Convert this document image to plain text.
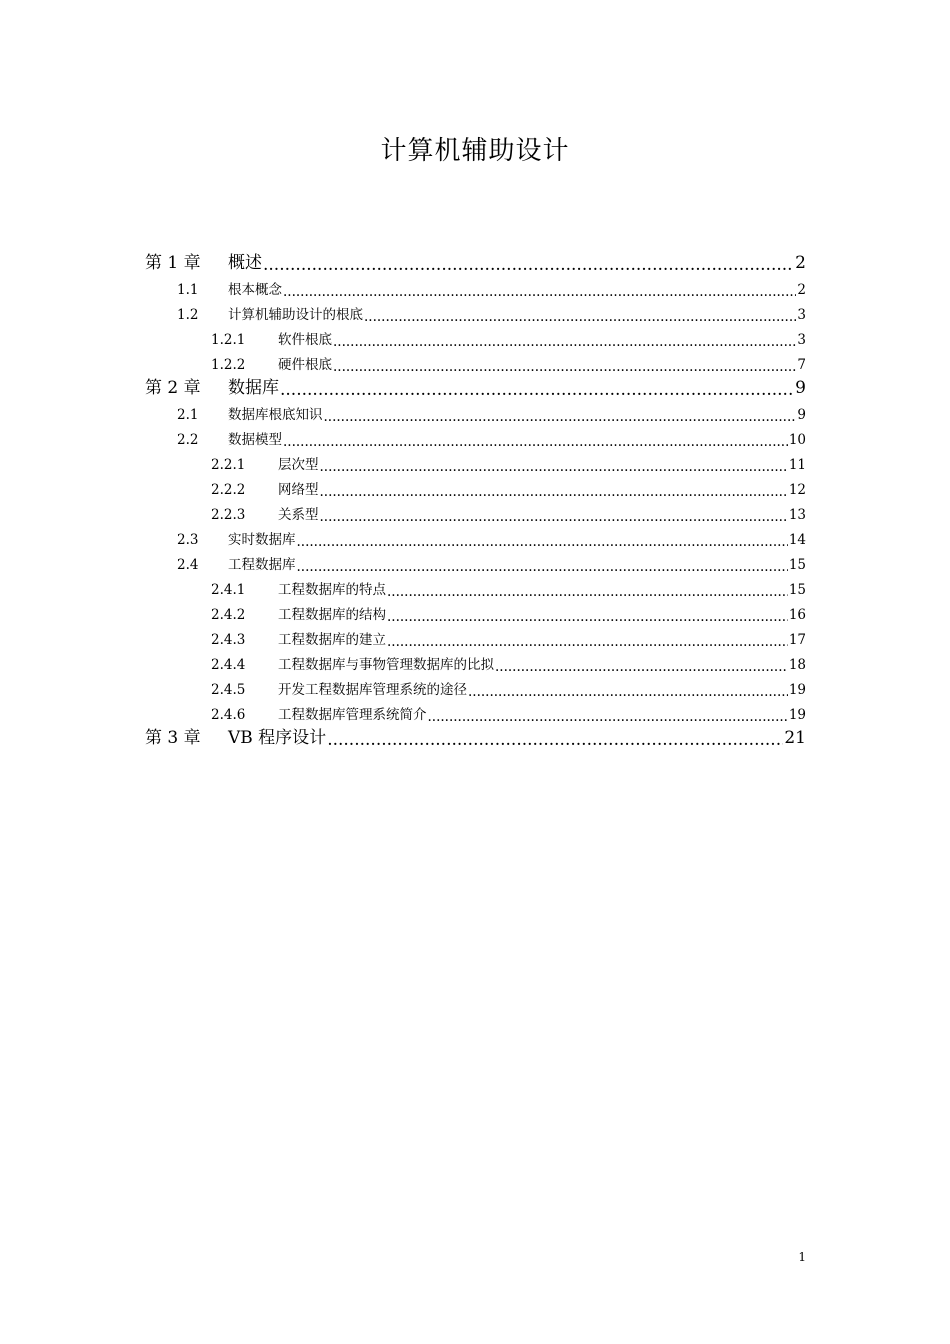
计算机辅助设计
第 1 章	概述 .....	2
1.1	根本概念 .....	2
1.2	计算机辅助设计的根底 .....	3
1.2.1	软件根底 .....	3
1.2.2	硬件根底 .....	7
第 2 章	数据库 .....	9
2.1	数据库根底知识 .....	9
2.2	数据模型 .....	10
2.2.1	层次型 .....	11
2.2.2	网络型 .....	12
2.2.3	关系型 .....	13
2.3	实时数据库 .....	14
2.4	工程数据库 .....	15
2.4.1	工程数据库的特点 .....	15
2.4.2	工程数据库的结构 .....	16
2.4.3	工程数据库的建立 .....	17
2.4.4	工程数据库与事物管理数据库的比拟 .....	18
2.4.5	开发工程数据库管理系统的途径 .....	19
2.4.6	工程数据库管理系统简介 .....	19
第 3 章	VB 程序设计 .....	21
1
